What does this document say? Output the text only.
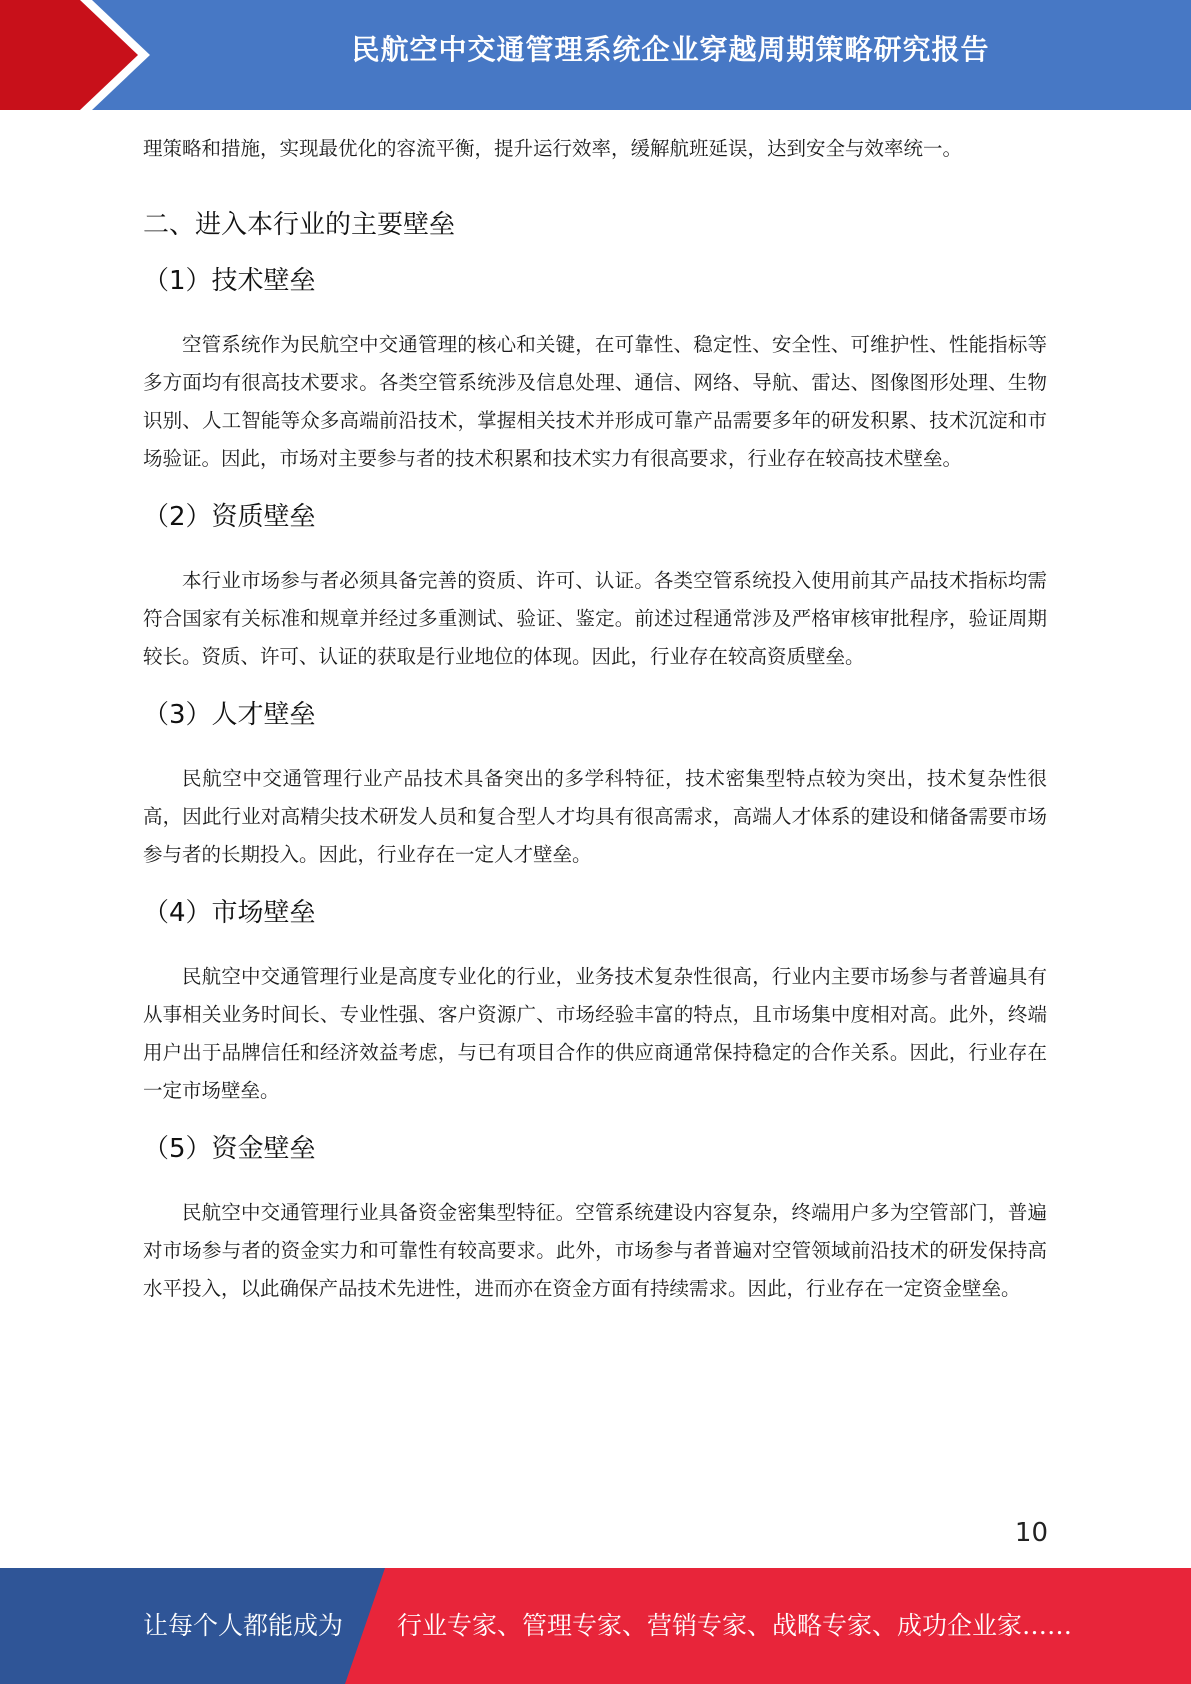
民航空中交通管理系统企业穿越周期策略研究报告

理策略和措施，实现最优化的容流平衡，提升运行效率，缓解航班延误，达到安全与效率统一。

二、进入本行业的主要壁垒
（1）技术壁垒

空管系统作为民航空中交通管理的核心和关键，在可靠性、稳定性、安全性、可维护性、性能指标等多方面均有很高技术要求。各类空管系统涉及信息处理、通信、网络、导航、雷达、图像图形处理、生物识别、人工智能等众多高端前沿技术，掌握相关技术并形成可靠产品需要多年的研发积累、技术沉淀和市场验证。因此，市场对主要参与者的技术积累和技术实力有很高要求，行业存在较高技术壁垒。

（2）资质壁垒

本行业市场参与者必须具备完善的资质、许可、认证。各类空管系统投入使用前其产品技术指标均需符合国家有关标准和规章并经过多重测试、验证、鉴定。前述过程通常涉及严格审核审批程序，验证周期较长。资质、许可、认证的获取是行业地位的体现。因此，行业存在较高资质壁垒。

（3）人才壁垒

民航空中交通管理行业产品技术具备突出的多学科特征，技术密集型特点较为突出，技术复杂性很高，因此行业对高精尖技术研发人员和复合型人才均具有很高需求，高端人才体系的建设和储备需要市场参与者的长期投入。因此，行业存在一定人才壁垒。

（4）市场壁垒

民航空中交通管理行业是高度专业化的行业，业务技术复杂性很高，行业内主要市场参与者普遍具有从事相关业务时间长、专业性强、客户资源广、市场经验丰富的特点，且市场集中度相对高。此外，终端用户出于品牌信任和经济效益考虑，与已有项目合作的供应商通常保持稳定的合作关系。因此，行业存在一定市场壁垒。

（5）资金壁垒

民航空中交通管理行业具备资金密集型特征。空管系统建设内容复杂，终端用户多为空管部门，普遍对市场参与者的资金实力和可靠性有较高要求。此外，市场参与者普遍对空管领域前沿技术的研发保持高水平投入，以此确保产品技术先进性，进而亦在资金方面有持续需求。因此，行业存在一定资金壁垒。

10
让每个人都能成为 行业专家、管理专家、营销专家、战略专家、成功企业家……
